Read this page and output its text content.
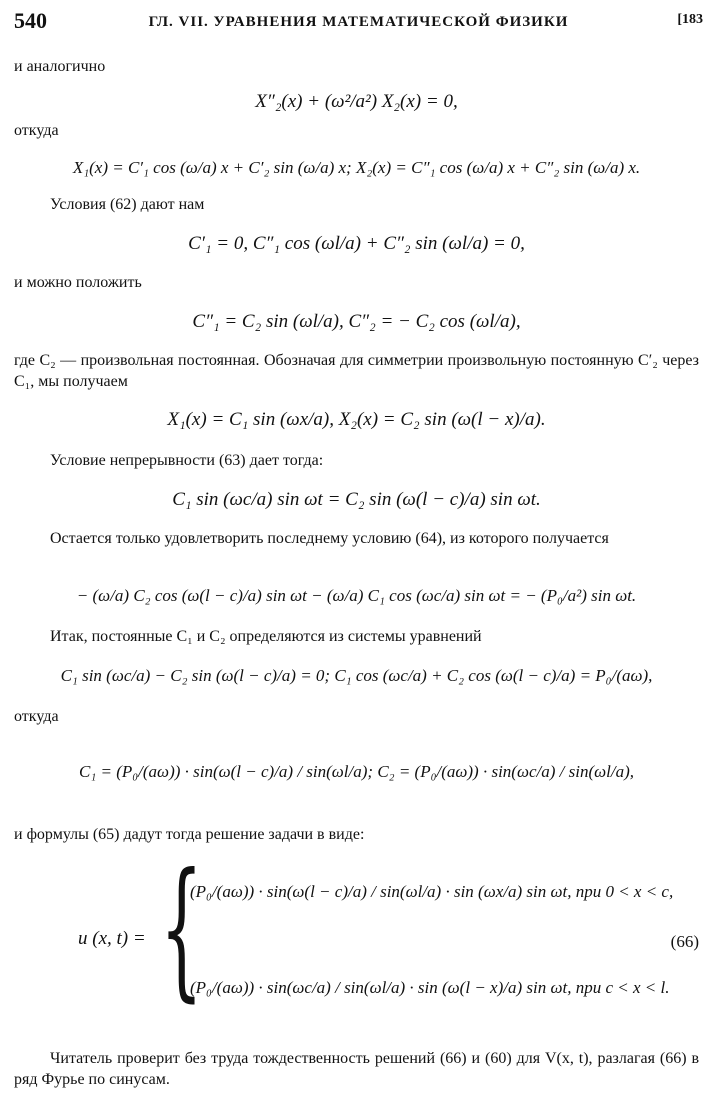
540	ГЛ. VII. УРАВНЕНИЯ МАТЕМАТИЧЕСКОЙ ФИЗИКИ	[183
и аналогично
X″₂(x) + (ω²/a²) X₂(x) = 0,
откуда
X₁(x) = C′₁ cos (ω/a) x + C′₂ sin (ω/a) x; X₂(x) = C″₁ cos (ω/a) x + C″₂ sin (ω/a) x.
Условия (62) дают нам
C′₁ = 0, C″₁ cos (ωl/a) + C″₂ sin (ωl/a) = 0,
и можно положить
C″₁ = C₂ sin (ωl/a), C″₂ = − C₂ cos (ωl/a),
где C₂ — произвольная постоянная. Обозначая для симметрии произвольную постоянную C′₂ через C₁, мы получаем
X₁(x) = C₁ sin (ωx/a), X₂(x) = C₂ sin (ω(l − x)/a).
Условие непрерывности (63) дает тогда:
C₁ sin (ωc/a) sin ωt = C₂ sin (ω(l − c)/a) sin ωt.
Остается только удовлетворить последнему условию (64), из которого получается
− (ω/a) C₂ cos (ω(l − c)/a) sin ωt − (ω/a) C₁ cos (ωc/a) sin ωt = − (P₀/a²) sin ωt.
Итак, постоянные C₁ и C₂ определяются из системы уравнений
C₁ sin (ωc/a) − C₂ sin (ω(l − c)/a) = 0; C₁ cos (ωc/a) + C₂ cos (ω(l − c)/a) = P₀/(aω),
откуда
C₁ = (P₀/(aω)) · sin(ω(l − c)/a) / sin(ωl/a); C₂ = (P₀/(aω)) · sin(ωc/a) / sin(ωl/a),
и формулы (65) дадут тогда решение задачи в виде:
u (x, t) = {
(P₀/(aω)) · sin(ω(l − c)/a) / sin(ωl/a) · sin (ωx/a) sin ωt, при 0 < x < c,
(P₀/(aω)) · sin(ωc/a) / sin(ωl/a) · sin (ω(l − x)/a) sin ωt, при c < x < l.
(66)
Читатель проверит без труда тождественность решений (66) и (60) для V(x, t), разлагая (66) в ряд Фурье по синусам.
